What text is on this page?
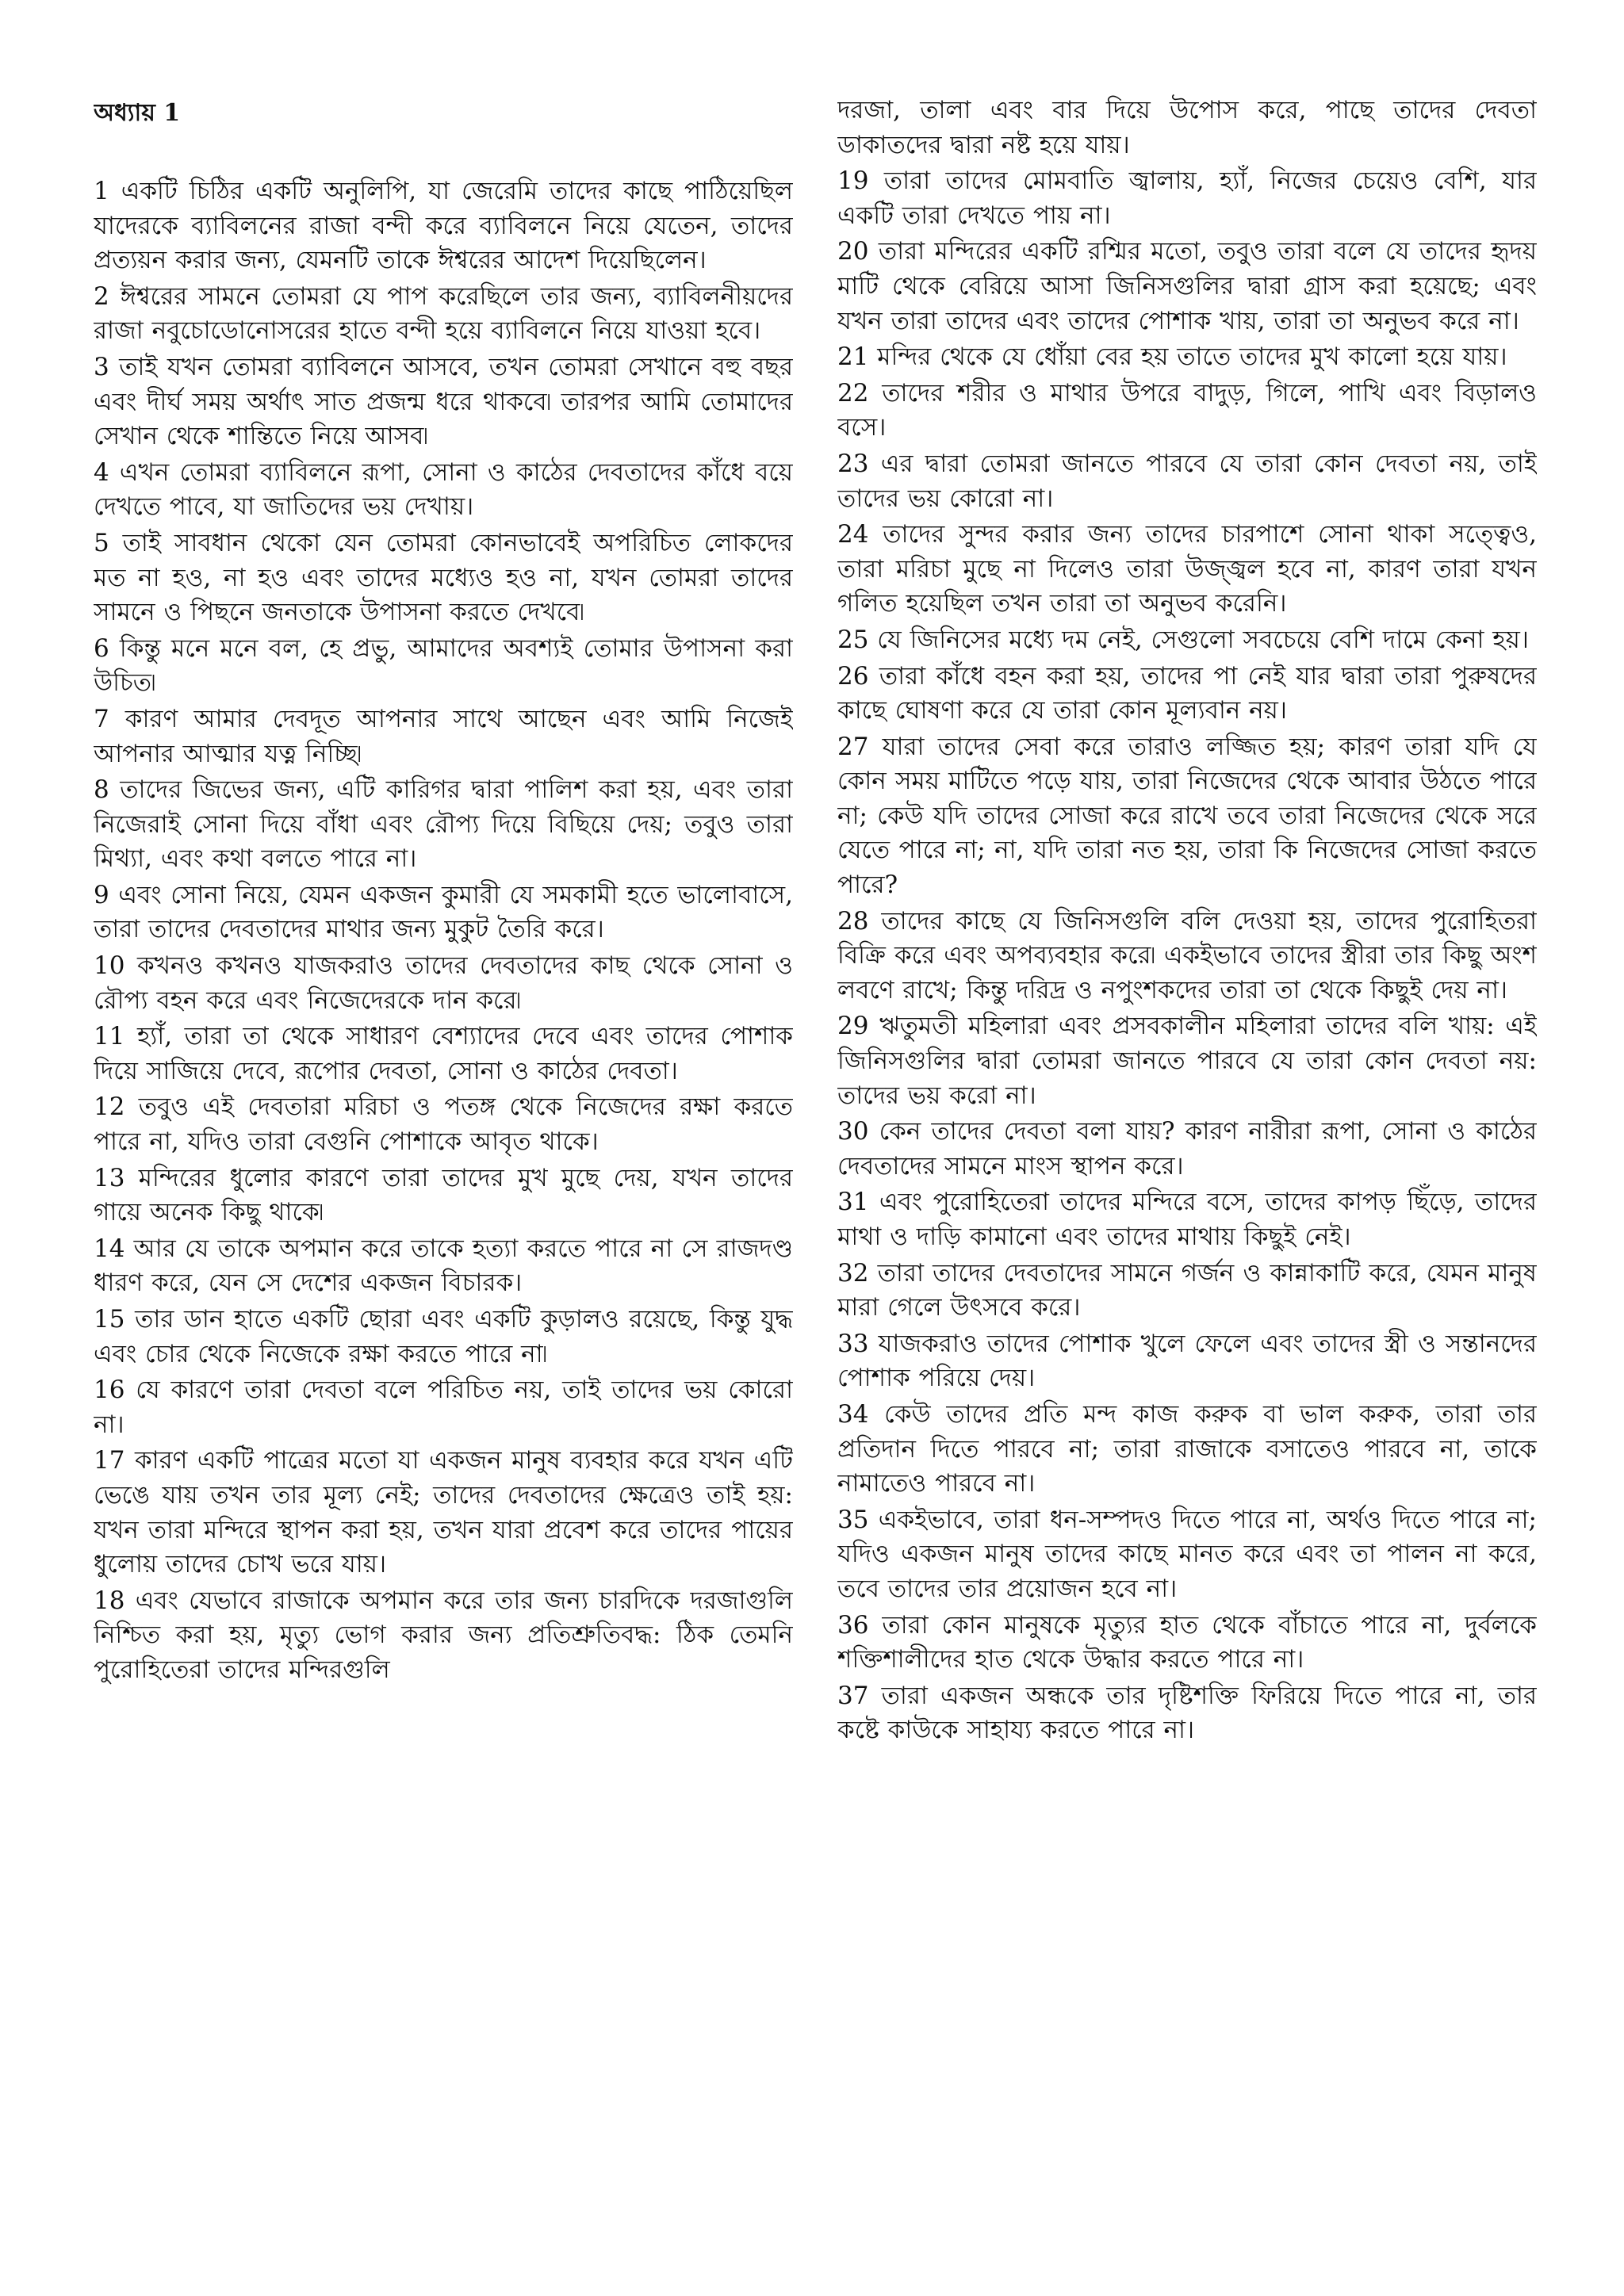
অধ্যায় 1

1 একটি চিঠির একটি অনুলিপি, যা জেরেমি তাদের কাছে পাঠিয়েছিল যাদেরকে ব্যাবিলনের রাজা বন্দী করে ব্যাবিলনে নিয়ে যেতেন, তাদের প্রত্যয়ন করার জন্য, যেমনটি তাকে ঈশ্বরের আদেশ দিয়েছিলেন।

2 ঈশ্বরের সামনে তোমরা যে পাপ করেছিলে তার জন্য, ব্যাবিলনীয়দের রাজা নবুচোডোনোসরের হাতে বন্দী হয়ে ব্যাবিলনে নিয়ে যাওয়া হবে।

3 তাই যখন তোমরা ব্যাবিলনে আসবে, তখন তোমরা সেখানে বহু বছর এবং দীর্ঘ সময় অর্থাৎ সাত প্রজন্ম ধরে থাকবে৷ তারপর আমি তোমাদের সেখান থেকে শান্তিতে নিয়ে আসব৷

4 এখন তোমরা ব্যাবিলনে রূপা, সোনা ও কাঠের দেবতাদের কাঁধে বয়ে দেখতে পাবে, যা জাতিদের ভয় দেখায়।

5 তাই সাবধান থেকো যেন তোমরা কোনভাবেই অপরিচিত লোকদের মত না হও, না হও এবং তাদের মধ্যেও হও না, যখন তোমরা তাদের সামনে ও পিছনে জনতাকে উপাসনা করতে দেখবে৷

6 কিন্তু মনে মনে বল, হে প্রভু, আমাদের অবশ্যই তোমার উপাসনা করা উচিত৷

7 কারণ আমার দেবদূত আপনার সাথে আছেন এবং আমি নিজেই আপনার আত্মার যত্ন নিচ্ছি৷

8 তাদের জিভের জন্য, এটি কারিগর দ্বারা পালিশ করা হয়, এবং তারা নিজেরাই সোনা দিয়ে বাঁধা এবং রৌপ্য দিয়ে বিছিয়ে দেয়; তবুও তারা মিথ্যা, এবং কথা বলতে পারে না।

9 এবং সোনা নিয়ে, যেমন একজন কুমারী যে সমকামী হতে ভালোবাসে, তারা তাদের দেবতাদের মাথার জন্য মুকুট তৈরি করে।

10 কখনও কখনও যাজকরাও তাদের দেবতাদের কাছ থেকে সোনা ও রৌপ্য বহন করে এবং নিজেদেরকে দান করে৷

11 হ্যাঁ, তারা তা থেকে সাধারণ বেশ্যাদের দেবে এবং তাদের পোশাক দিয়ে সাজিয়ে দেবে, রূপোর দেবতা, সোনা ও কাঠের দেবতা।

12 তবুও এই দেবতারা মরিচা ও পতঙ্গ থেকে নিজেদের রক্ষা করতে পারে না, যদিও তারা বেগুনি পোশাকে আবৃত থাকে।

13 মন্দিরের ধুলোর কারণে তারা তাদের মুখ মুছে দেয়, যখন তাদের গায়ে অনেক কিছু থাকে৷

14 আর যে তাকে অপমান করে তাকে হত্যা করতে পারে না সে রাজদণ্ড ধারণ করে, যেন সে দেশের একজন বিচারক।

15 তার ডান হাতে একটি ছোরা এবং একটি কুড়ালও রয়েছে, কিন্তু যুদ্ধ এবং চোর থেকে নিজেকে রক্ষা করতে পারে না৷

16 যে কারণে তারা দেবতা বলে পরিচিত নয়, তাই তাদের ভয় কোরো না।

17 কারণ একটি পাত্রের মতো যা একজন মানুষ ব্যবহার করে যখন এটি ভেঙে যায় তখন তার মূল্য নেই; তাদের দেবতাদের ক্ষেত্রেও তাই হয়: যখন তারা মন্দিরে স্থাপন করা হয়, তখন যারা প্রবেশ করে তাদের পায়ের ধুলোয় তাদের চোখ ভরে যায়।

18 এবং যেভাবে রাজাকে অপমান করে তার জন্য চারদিকে দরজাগুলি নিশ্চিত করা হয়, মৃত্যু ভোগ করার জন্য প্রতিশ্রুতিবদ্ধ: ঠিক তেমনি পুরোহিতেরা তাদের মন্দিরগুলি

দরজা, তালা এবং বার দিয়ে উপোস করে, পাছে তাদের দেবতা ডাকাতদের দ্বারা নষ্ট হয়ে যায়।

19 তারা তাদের মোমবাতি জ্বালায়, হ্যাঁ, নিজের চেয়েও বেশি, যার একটি তারা দেখতে পায় না।

20 তারা মন্দিরের একটি রশ্মির মতো, তবুও তারা বলে যে তাদের হৃদয় মাটি থেকে বেরিয়ে আসা জিনিসগুলির দ্বারা গ্রাস করা হয়েছে; এবং যখন তারা তাদের এবং তাদের পোশাক খায়, তারা তা অনুভব করে না।

21 মন্দির থেকে যে ধোঁয়া বের হয় তাতে তাদের মুখ কালো হয়ে যায়।

22 তাদের শরীর ও মাথার উপরে বাদুড়, গিলে, পাখি এবং বিড়ালও বসে।

23 এর দ্বারা তোমরা জানতে পারবে যে তারা কোন দেবতা নয়, তাই তাদের ভয় কোরো না।

24 তাদের সুন্দর করার জন্য তাদের চারপাশে সোনা থাকা সত্ত্বেও, তারা মরিচা মুছে না দিলেও তারা উজ্জ্বল হবে না, কারণ তারা যখন গলিত হয়েছিল তখন তারা তা অনুভব করেনি।

25 যে জিনিসের মধ্যে দম নেই, সেগুলো সবচেয়ে বেশি দামে কেনা হয়।

26 তারা কাঁধে বহন করা হয়, তাদের পা নেই যার দ্বারা তারা পুরুষদের কাছে ঘোষণা করে যে তারা কোন মূল্যবান নয়।

27 যারা তাদের সেবা করে তারাও লজ্জিত হয়; কারণ তারা যদি যে কোন সময় মাটিতে পড়ে যায়, তারা নিজেদের থেকে আবার উঠতে পারে না; কেউ যদি তাদের সোজা করে রাখে তবে তারা নিজেদের থেকে সরে যেতে পারে না; না, যদি তারা নত হয়, তারা কি নিজেদের সোজা করতে পারে?

28 তাদের কাছে যে জিনিসগুলি বলি দেওয়া হয়, তাদের পুরোহিতরা বিক্রি করে এবং অপব্যবহার করে৷ একইভাবে তাদের স্ত্রীরা তার কিছু অংশ লবণে রাখে; কিন্তু দরিদ্র ও নপুংশকদের তারা তা থেকে কিছুই দেয় না।

29 ঋতুমতী মহিলারা এবং প্রসবকালীন মহিলারা তাদের বলি খায়: এই জিনিসগুলির দ্বারা তোমরা জানতে পারবে যে তারা কোন দেবতা নয়: তাদের ভয় করো না।

30 কেন তাদের দেবতা বলা যায়? কারণ নারীরা রূপা, সোনা ও কাঠের দেবতাদের সামনে মাংস স্থাপন করে।

31 এবং পুরোহিতেরা তাদের মন্দিরে বসে, তাদের কাপড় ছিঁড়ে, তাদের মাথা ও দাড়ি কামানো এবং তাদের মাথায় কিছুই নেই।

32 তারা তাদের দেবতাদের সামনে গর্জন ও কান্নাকাটি করে, যেমন মানুষ মারা গেলে উৎসবে করে।

33 যাজকরাও তাদের পোশাক খুলে ফেলে এবং তাদের স্ত্রী ও সন্তানদের পোশাক পরিয়ে দেয়।

34 কেউ তাদের প্রতি মন্দ কাজ করুক বা ভাল করুক, তারা তার প্রতিদান দিতে পারবে না; তারা রাজাকে বসাতেও পারবে না, তাকে নামাতেও পারবে না।

35 একইভাবে, তারা ধন-সম্পদও দিতে পারে না, অর্থও দিতে পারে না; যদিও একজন মানুষ তাদের কাছে মানত করে এবং তা পালন না করে, তবে তাদের তার প্রয়োজন হবে না।

36 তারা কোন মানুষকে মৃত্যুর হাত থেকে বাঁচাতে পারে না, দুর্বলকে শক্তিশালীদের হাত থেকে উদ্ধার করতে পারে না।

37 তারা একজন অন্ধকে তার দৃষ্টিশক্তি ফিরিয়ে দিতে পারে না, তার কষ্টে কাউকে সাহায্য করতে পারে না।
